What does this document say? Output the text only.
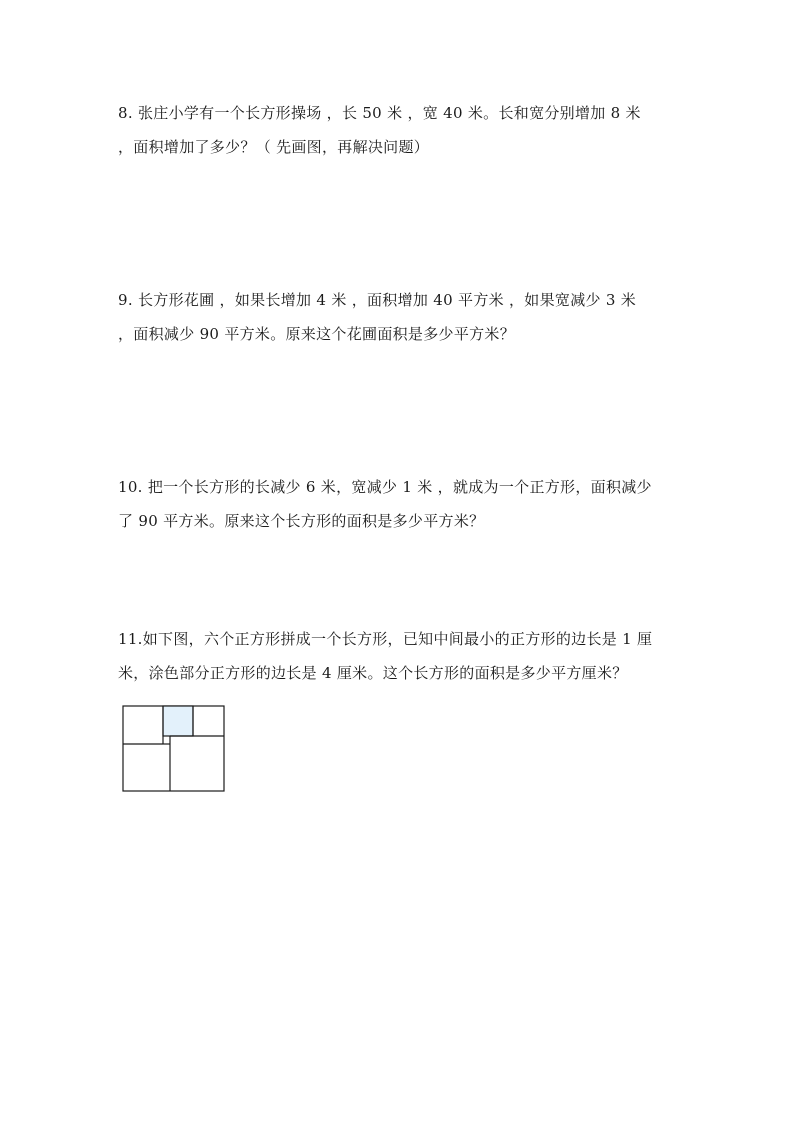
8. 张庄小学有一个长方形操场 ，长 50 米 ，宽 40 米。长和宽分别增加 8 米
，面积增加了多少？（ 先画图，再解决问题）
9. 长方形花圃 ，如果长增加 4 米 ，面积增加 40 平方米 ，如果宽减少 3 米
，面积减少 90 平方米。原来这个花圃面积是多少平方米？
10. 把一个长方形的长减少 6 米，宽减少 1 米 ，就成为一个正方形，面积减少
了 90 平方米。原来这个长方形的面积是多少平方米？
11.如下图，六个正方形拼成一个长方形，已知中间最小的正方形的边长是 1 厘
米，涂色部分正方形的边长是 4 厘米。这个长方形的面积是多少平方厘米？
